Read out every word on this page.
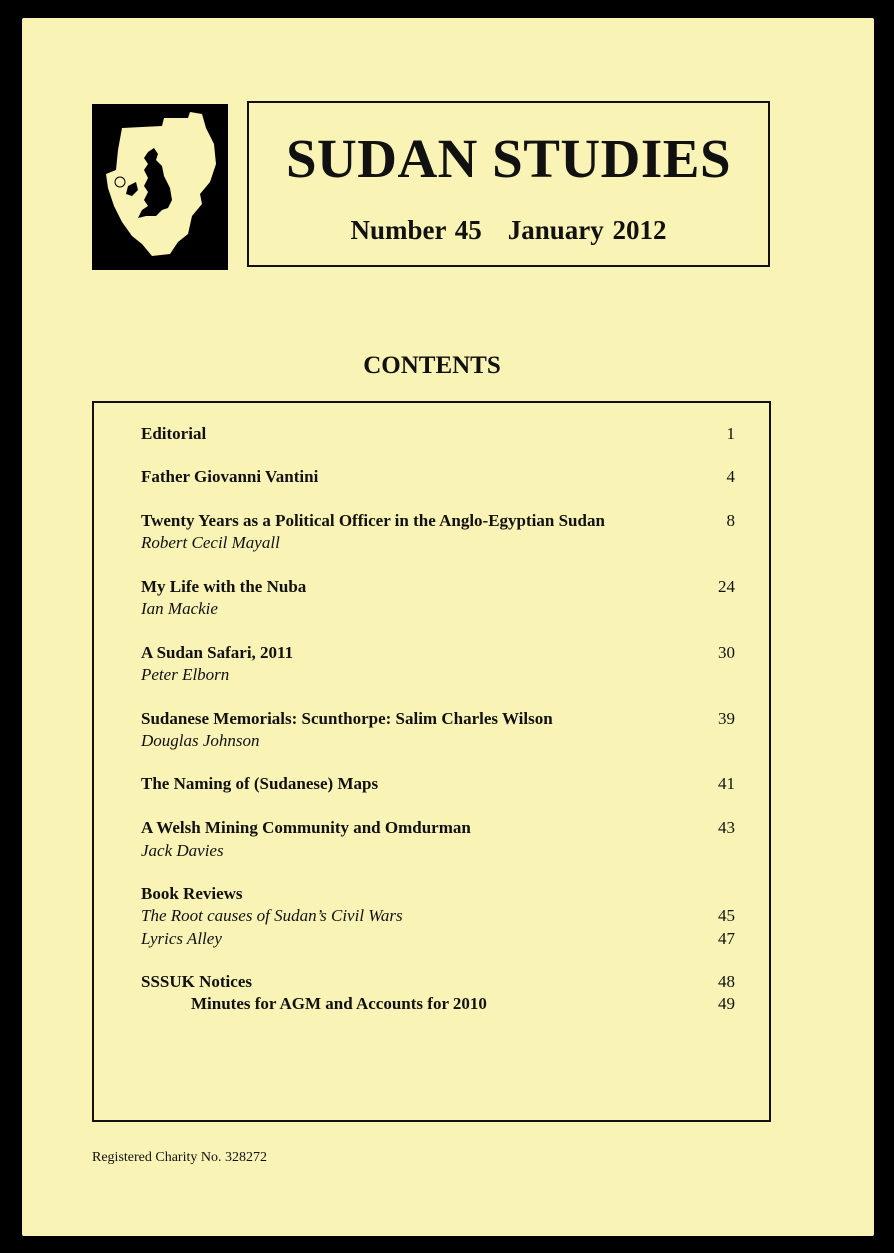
SUDAN STUDIES
Number 45 January 2012
CONTENTS
Editorial	1
Father Giovanni Vantini	4
Twenty Years as a Political Officer in the Anglo-Egyptian Sudan	8
Robert Cecil Mayall
My Life with the Nuba	24
Ian Mackie
A Sudan Safari, 2011	30
Peter Elborn
Sudanese Memorials: Scunthorpe: Salim Charles Wilson	39
Douglas Johnson
The Naming of (Sudanese) Maps	41
A Welsh Mining Community and Omdurman	43
Jack Davies
Book Reviews
The Root causes of Sudan’s Civil Wars	45
Lyrics Alley	47
SSSUK Notices	48
Minutes for AGM and Accounts for 2010	49
Registered Charity No. 328272
